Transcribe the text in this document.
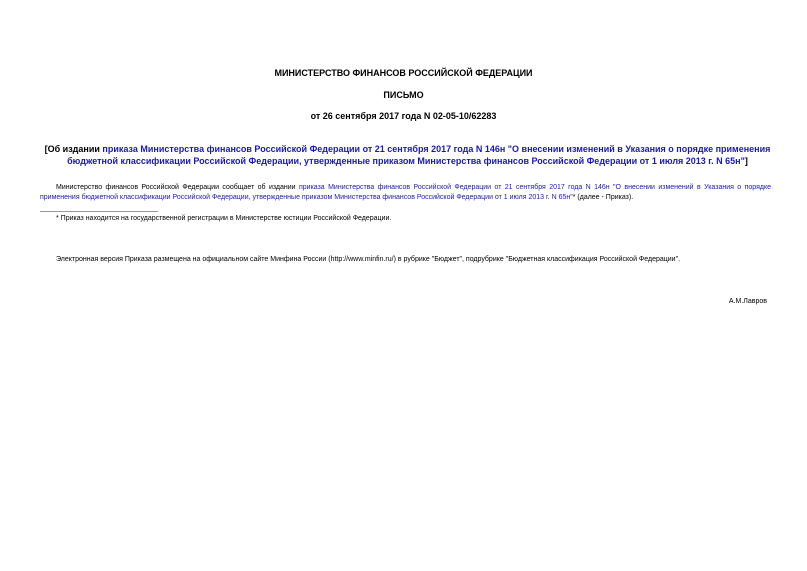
МИНИСТЕРСТВО ФИНАНСОВ РОССИЙСКОЙ ФЕДЕРАЦИИ
ПИСЬМО
от 26 сентября 2017 года N 02-05-10/62283
[Об издании приказа Министерства финансов Российской Федерации от 21 сентября 2017 года N 146н "О внесении изменений в Указания о порядке применения бюджетной классификации Российской Федерации, утвержденные приказом Министерства финансов Российской Федерации от 1 июля 2013 г. N 65н"]
Министерство финансов Российской Федерации сообщает об издании приказа Министерства финансов Российской Федерации от 21 сентября 2017 года N 146н "О внесении изменений в Указания о порядке применения бюджетной классификации Российской Федерации, утвержденные приказом Министерства финансов Российской Федерации от 1 июля 2013 г. N 65н"* (далее - Приказ).
* Приказ находится на государственной регистрации в Министерстве юстиции Российской Федерации.
Электронная версия Приказа размещена на официальном сайте Минфина России (http://www.minfin.ru/) в рубрике "Бюджет", подрубрике "Бюджетная классификация Российской Федерации".
А.М.Лавров
